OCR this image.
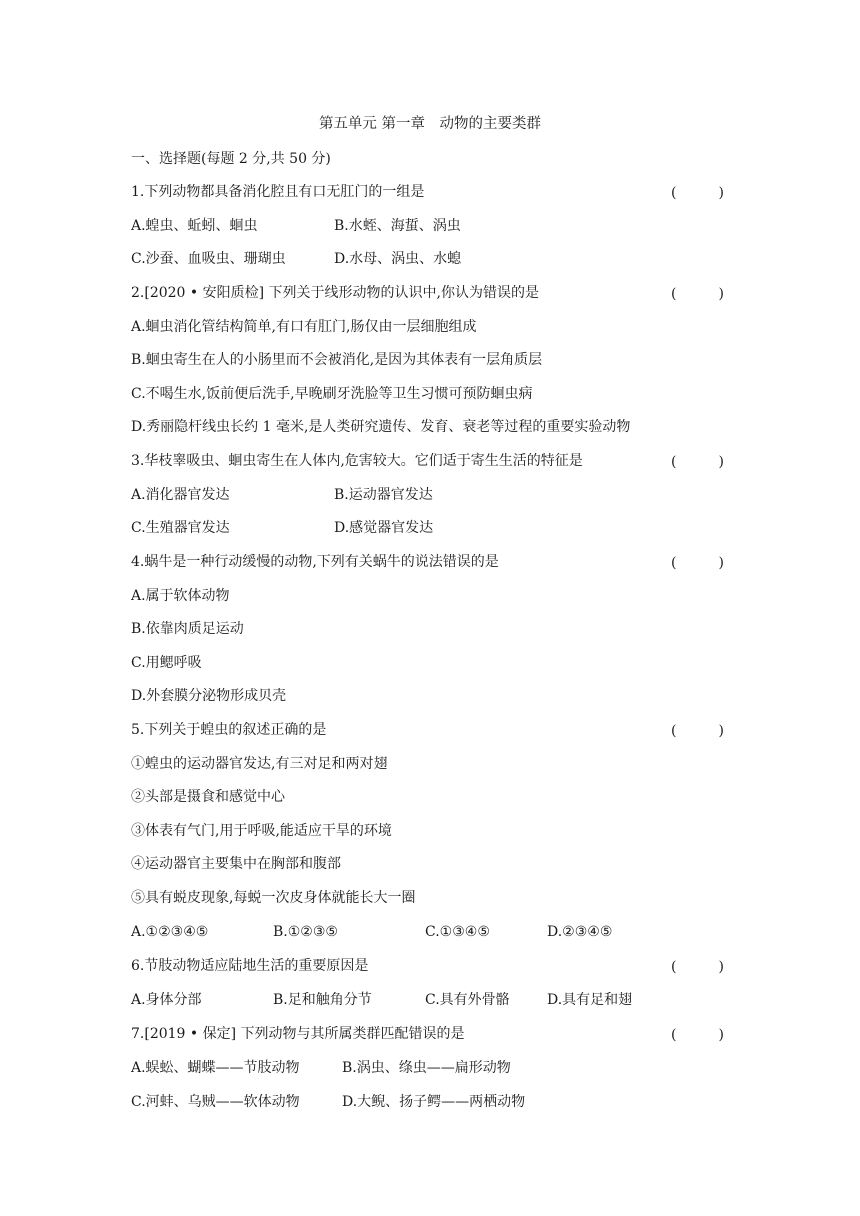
第五单元 第一章　动物的主要类群
一、选择题(每题 2 分,共 50 分)
1.下列动物都具备消化腔且有口无肛门的一组是	(　　　)
A.蝗虫、蚯蚓、蛔虫	B.水蛭、海蜇、涡虫
C.沙蚕、血吸虫、珊瑚虫	D.水母、涡虫、水螅
2.[2020 • 安阳质检] 下列关于线形动物的认识中,你认为错误的是	(　　　)
A.蛔虫消化管结构简单,有口有肛门,肠仅由一层细胞组成
B.蛔虫寄生在人的小肠里而不会被消化,是因为其体表有一层角质层
C.不喝生水,饭前便后洗手,早晚刷牙洗脸等卫生习惯可预防蛔虫病
D.秀丽隐杆线虫长约 1 毫米,是人类研究遗传、发育、衰老等过程的重要实验动物
3.华枝睾吸虫、蛔虫寄生在人体内,危害较大。它们适于寄生生活的特征是	(　　　)
A.消化器官发达	B.运动器官发达
C.生殖器官发达	D.感觉器官发达
4.蜗牛是一种行动缓慢的动物,下列有关蜗牛的说法错误的是	(　　　)
A.属于软体动物
B.依靠肉质足运动
C.用鳃呼吸
D.外套膜分泌物形成贝壳
5.下列关于蝗虫的叙述正确的是	(　　　)
①蝗虫的运动器官发达,有三对足和两对翅
②头部是摄食和感觉中心
③体表有气门,用于呼吸,能适应干旱的环境
④运动器官主要集中在胸部和腹部
⑤具有蜕皮现象,每蜕一次皮身体就能长大一圈
A.①②③④⑤	B.①②③⑤	C.①③④⑤	D.②③④⑤
6.节肢动物适应陆地生活的重要原因是	(　　　)
A.身体分部	B.足和触角分节	C.具有外骨骼	D.具有足和翅
7.[2019 • 保定] 下列动物与其所属类群匹配错误的是	(　　　)
A.蜈蚣、蝴蝶——节肢动物	B.涡虫、绦虫——扁形动物
C.河蚌、乌贼——软体动物	D.大鲵、扬子鳄——两栖动物
